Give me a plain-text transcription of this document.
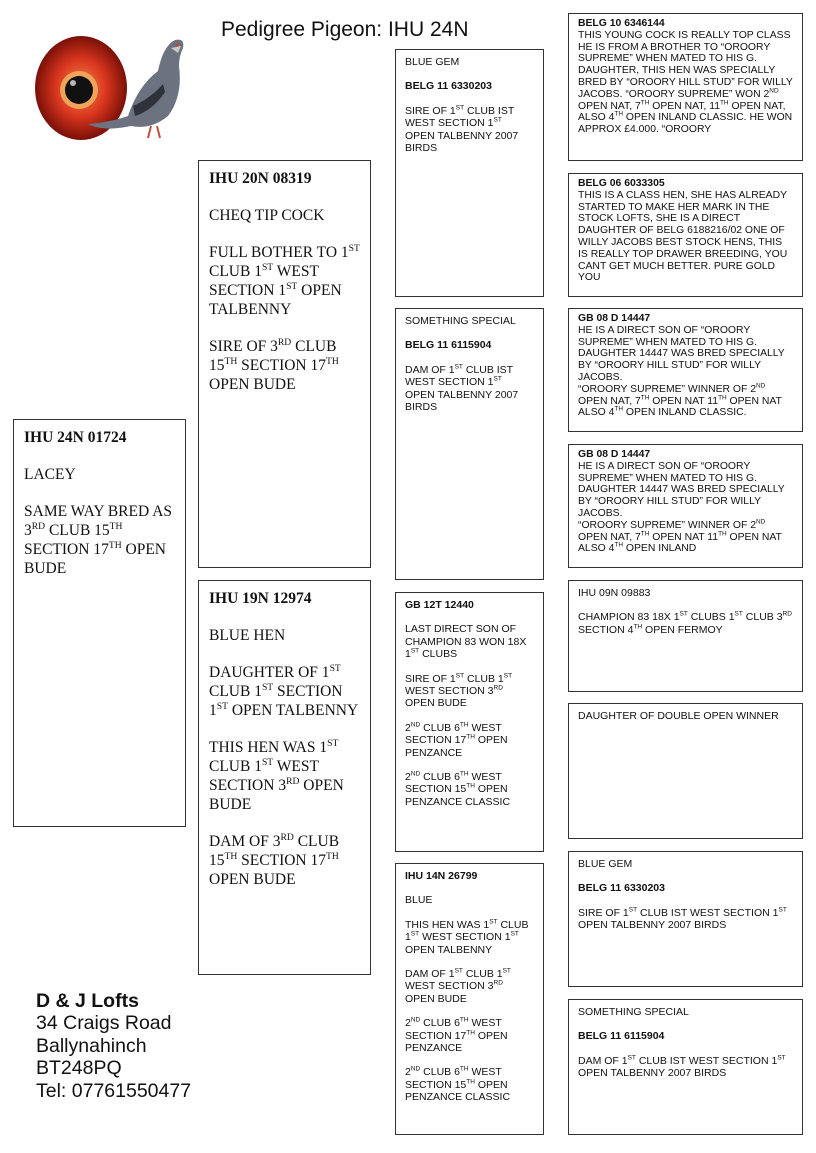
Pedigree Pigeon: IHU 24N

IHU 24N 01724

LACEY

SAME WAY BRED AS 3RD CLUB 15TH SECTION 17TH OPEN BUDE

IHU 20N 08319

CHEQ TIP COCK

FULL BOTHER TO 1ST CLUB 1ST WEST SECTION 1ST OPEN TALBENNY

SIRE OF 3RD CLUB 15TH SECTION 17TH OPEN BUDE

IHU 19N 12974

BLUE HEN

DAUGHTER OF 1ST CLUB 1ST SECTION 1ST OPEN TALBENNY

THIS HEN WAS 1ST CLUB 1ST WEST SECTION 3RD OPEN BUDE

DAM OF 3RD CLUB 15TH SECTION 17TH OPEN BUDE

BLUE GEM

BELG 11 6330203

SIRE OF 1ST CLUB IST WEST SECTION 1ST OPEN TALBENNY 2007 BIRDS

SOMETHING SPECIAL

BELG 11 6115904

DAM OF 1ST CLUB IST WEST SECTION 1ST OPEN TALBENNY 2007 BIRDS

GB 12T 12440

LAST DIRECT SON OF CHAMPION 83 WON 18X 1ST CLUBS

SIRE OF 1ST CLUB 1ST WEST SECTION 3RD OPEN BUDE

2ND CLUB 6TH WEST SECTION 17TH OPEN PENZANCE

2ND CLUB 6TH WEST SECTION 15TH OPEN PENZANCE CLASSIC

IHU 14N 26799

BLUE

THIS HEN WAS 1ST CLUB 1ST WEST SECTION 1ST OPEN TALBENNY

DAM OF 1ST CLUB 1ST WEST SECTION 3RD OPEN BUDE

2ND CLUB 6TH WEST SECTION 17TH OPEN PENZANCE

2ND CLUB 6TH WEST SECTION 15TH OPEN PENZANCE CLASSIC

BELG 10 6346144

THIS YOUNG COCK IS REALLY TOP CLASS HE IS FROM A BROTHER TO “OROORY SUPREME” WHEN MATED TO HIS G. DAUGHTER, THIS HEN WAS SPECIALLY BRED BY “OROORY HILL STUD” FOR WILLY JACOBS. “OROORY SUPREME” WON 2ND OPEN NAT, 7TH OPEN NAT, 11TH OPEN NAT, ALSO 4TH OPEN INLAND CLASSIC. HE WON APPROX £4.000. “OROORY

BELG 06 6033305

THIS IS A CLASS HEN, SHE HAS ALREADY STARTED TO MAKE HER MARK IN THE STOCK LOFTS, SHE IS A DIRECT DAUGHTER OF BELG 6188216/02 ONE OF WILLY JACOBS BEST STOCK HENS, THIS IS REALLY TOP DRAWER BREEDING, YOU CANT GET MUCH BETTER. PURE GOLD YOU

GB 08 D 14447

HE IS A DIRECT SON OF “OROORY SUPREME” WHEN MATED TO HIS G. DAUGHTER 14447 WAS BRED SPECIALLY BY “OROORY HILL STUD” FOR WILLY JACOBS.

“OROORY SUPREME” WINNER OF 2ND OPEN NAT, 7TH OPEN NAT 11TH OPEN NAT ALSO 4TH OPEN INLAND CLASSIC.

GB 08 D 14447

HE IS A DIRECT SON OF “OROORY SUPREME” WHEN MATED TO HIS G. DAUGHTER 14447 WAS BRED SPECIALLY BY “OROORY HILL STUD” FOR WILLY JACOBS.

“OROORY SUPREME” WINNER OF 2ND OPEN NAT, 7TH OPEN NAT 11TH OPEN NAT ALSO 4TH OPEN INLAND

IHU 09N 09883

CHAMPION 83 18X 1ST CLUBS 1ST CLUB 3RD SECTION 4TH OPEN FERMOY

DAUGHTER OF DOUBLE OPEN WINNER

BLUE GEM

BELG 11 6330203

SIRE OF 1ST CLUB IST WEST SECTION 1ST OPEN TALBENNY 2007 BIRDS

SOMETHING SPECIAL

BELG 11 6115904

DAM OF 1ST CLUB IST WEST SECTION 1ST OPEN TALBENNY 2007 BIRDS

D & J Lofts
34 Craigs Road
Ballynahinch
BT248PQ
Tel: 07761550477
